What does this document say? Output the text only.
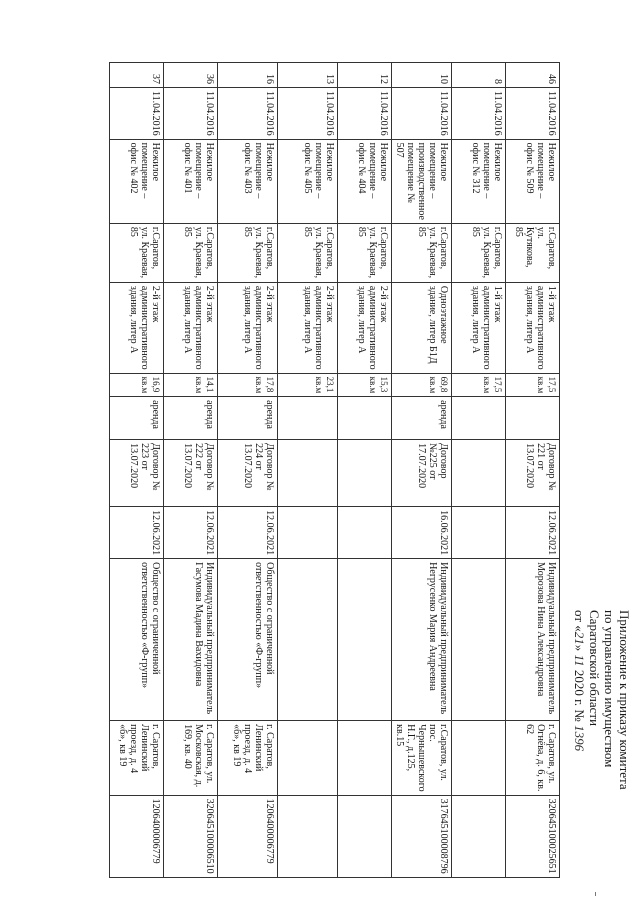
Приложение к приказу комитета
по управлению имуществом
Саратовской области
от «21» 11 2020 г. № 1396
46	11.04.2016	Нежилое помещение – офис № 509	г.Саратов, ул. Кутякова, 85	1-й этаж административного здания, литер А	17,5 кв.м		Договор № 221 от 13.07.2020	12.06.2021	Индивидуальный предприниматель Морозова Нина Александровна	г. Саратов, ул. Огнёва, д. 6, кв. 62	320645100025651
8	11.04.2016	Нежилое помещение – офис № 312	г.Саратов, ул. Краевая, 85	1-й этаж административного здания, литер А	17,5 кв.м						
10	11.04.2016	Нежилое помещение – производственное помещение № 507	г.Саратов, ул. Краевая, 85	Одноэтажное здание, литер Б1Д	69,8 кв.м	аренда	Договор №225 от 17.07.2020	16.06.2021	Индивидуальный предприниматель Негрусенко Мария Андреевна	г.Саратов, ул. пос. Чернышевского Н.Г., д.125, кв.15	317645100008796
12	11.04.2016	Нежилое помещение – офис № 404	г.Саратов, ул. Краевая, 85	2-й этаж административного здания, литер А	15,3 кв.м						
13	11.04.2016	Нежилое помещение – офис № 405	г.Саратов, ул. Краевая, 85	2-й этаж административного здания, литер А	23,1 кв.м						
16	11.04.2016	Нежилое помещение – офис № 403	г.Саратов, ул. Краевая, 85	2-й этаж административного здания, литер А	17,8 кв.м	аренда	Договор № 224 от 13.07.2020	12.06.2021	Общество с ограниченной ответственностью «Ф-групп»	г. Саратов, Ленинский проезд, д. 4 «б», кв 19	1206400006779
36	11.04.2016	Нежилое помещение – офис № 401	г.Саратов, ул. Краевая, 85	2-й этаж административного здания, литер А	14,1 кв.м	аренда	Договор № 222 от 13.07.2020	12.06.2021	Индивидуальный предприниматель Гасумова Мадина Вахидовна	г. Саратов, ул. Московская, д. 169, кв. 40	320645100006510
37	11.04.2016	Нежилое помещение – офис № 402	г.Саратов, ул. Краевая, 85	2-й этаж административного здания, литер А	16,9 кв.м	аренда	Договор № 223 от 13.07.2020	12.06.2021	Общество с ограниченной ответственностью «Ф-групп»	г. Саратов, Ленинский проезд, д. 4 «б», кв 19	1206400006779
